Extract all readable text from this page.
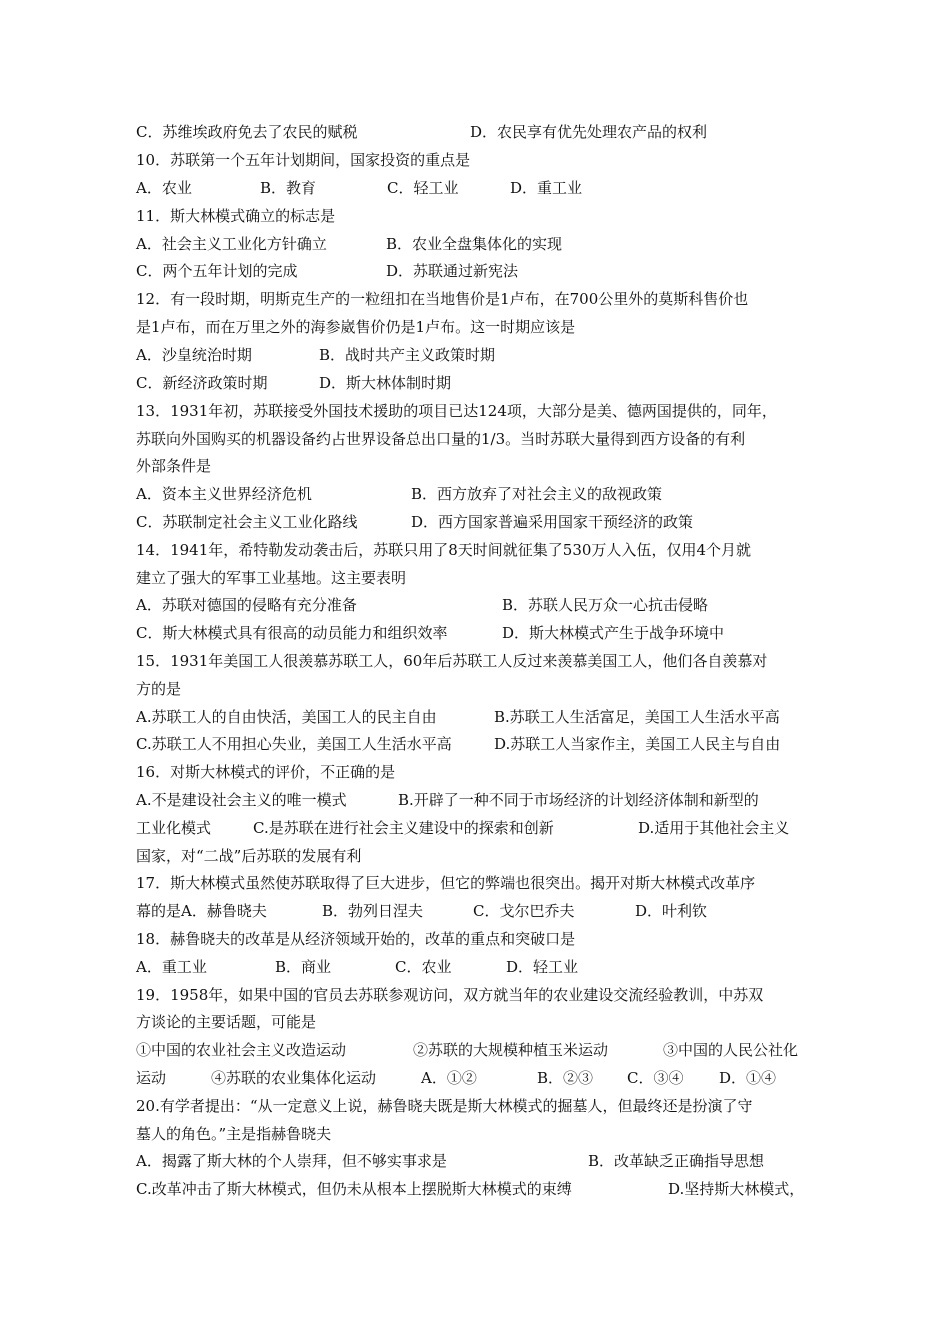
C．苏维埃政府免去了农民的赋税	D．农民享有优先处理农产品的权利
10．苏联第一个五年计划期间，国家投资的重点是
A．农业	B．教育	C．轻工业	D．重工业
11．斯大林模式确立的标志是
A．社会主义工业化方针确立	B．农业全盘集体化的实现
C．两个五年计划的完成	D．苏联通过新宪法
12．有一段时期，明斯克生产的一粒纽扣在当地售价是1卢布，在700公里外的莫斯科售价也
是1卢布，而在万里之外的海参崴售价仍是1卢布。这一时期应该是
A．沙皇统治时期	B．战时共产主义政策时期
C．新经济政策时期	D．斯大林体制时期
13．1931年初，苏联接受外国技术援助的项目已达124项，大部分是美、德两国提供的，同年，
苏联向外国购买的机器设备约占世界设备总出口量的1/3。当时苏联大量得到西方设备的有利
外部条件是
A．资本主义世界经济危机	B．西方放弃了对社会主义的敌视政策
C．苏联制定社会主义工业化路线	D．西方国家普遍采用国家干预经济的政策
14．1941年，希特勒发动袭击后，苏联只用了8天时间就征集了530万人入伍，仅用4个月就
建立了强大的军事工业基地。这主要表明
A．苏联对德国的侵略有充分准备	B．苏联人民万众一心抗击侵略
C．斯大林模式具有很高的动员能力和组织效率	D．斯大林模式产生于战争环境中
15．1931年美国工人很羡慕苏联工人，60年后苏联工人反过来羡慕美国工人，他们各自羡慕对
方的是
A.苏联工人的自由快活，美国工人的民主自由	B.苏联工人生活富足，美国工人生活水平高
C.苏联工人不用担心失业，美国工人生活水平高	D.苏联工人当家作主，美国工人民主与自由
16．对斯大林模式的评价，不正确的是
A.不是建设社会主义的唯一模式	B.开辟了一种不同于市场经济的计划经济体制和新型的
工业化模式	C.是苏联在进行社会主义建设中的探索和创新	D.适用于其他社会主义
国家，对“二战”后苏联的发展有利
17．斯大林模式虽然使苏联取得了巨大进步，但它的弊端也很突出。揭开对斯大林模式改革序
幕的是A．赫鲁晓夫	B．勃列日涅夫	C．戈尔巴乔夫	D．叶利钦
18．赫鲁晓夫的改革是从经济领域开始的，改革的重点和突破口是
A．重工业	B．商业	C．农业	D．轻工业
19．1958年，如果中国的官员去苏联参观访问，双方就当年的农业建设交流经验教训，中苏双
方谈论的主要话题，可能是
①中国的农业社会主义改造运动	②苏联的大规模种植玉米运动	③中国的人民公社化
运动	④苏联的农业集体化运动	A．①②	B．②③ C．③④ D．①④
20.有学者提出：“从一定意义上说，赫鲁晓夫既是斯大林模式的掘墓人，但最终还是扮演了守
墓人的角色。”主是指赫鲁晓夫
A．揭露了斯大林的个人崇拜，但不够实事求是	B．改革缺乏正确指导思想
C.改革冲击了斯大林模式，但仍未从根本上摆脱斯大林模式的束缚	D.坚持斯大林模式，
